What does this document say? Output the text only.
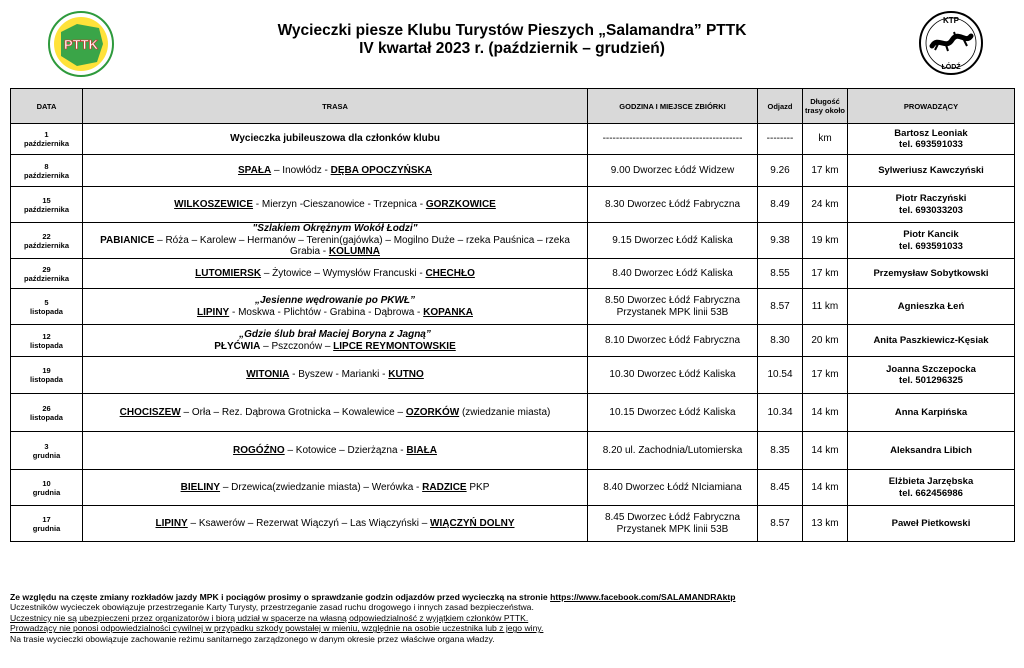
PTTK
Wycieczki piesze Klubu Turystów Pieszych „Salamandra” PTTK
IV kwartał 2023 r. (październik – grudzień)
KTP
ŁÓDŹ
DATA	TRASA	GODZINA I MIEJSCE ZBIÓRKI	Odjazd	Długość trasy około	PROWADZĄCY

1
października	Wycieczka jubileuszowa dla członków klubu	------------------------------------------	--------	km	Bartosz Leoniak
tel. 693591033

8
października	SPAŁA – Inowłódz - DĘBA OPOCZYŃSKA	9.00 Dworzec Łódź Widzew	9.26	17 km	Sylweriusz Kawczyński

15
października	WILKOSZEWICE - Mierzyn -Cieszanowice - Trzepnica - GORZKOWICE	8.30 Dworzec Łódź Fabryczna	8.49	24 km	Piotr Raczyński
tel. 693033203

22
października	"Szlakiem Okrężnym Wokół Łodzi"
PABIANICE – Róża – Karolew – Hermanów – Terenin(gajówka) – Mogilno Duże – rzeka Pauśnica – rzeka Grabia - KOLUMNA	9.15 Dworzec Łódź Kaliska	9.38	19 km	Piotr Kancik
tel. 693591033

29
października	LUTOMIERSK – Żytowice – Wymysłów Francuski - CHECHŁO	8.40 Dworzec Łódź Kaliska	8.55	17 km	Przemysław Sobytkowski

5
listopada	„Jesienne wędrowanie po PKWŁ”
LIPINY - Moskwa - Plichtów - Grabina - Dąbrowa - KOPANKA	8.50 Dworzec Łódź Fabryczna
Przystanek MPK linii 53B	8.57	11 km	Agnieszka Łeń

12
listopada	„Gdzie ślub brał Maciej Boryna z Jagną”
PŁYĆWIA – Pszczonów – LIPCE REYMONTOWSKIE	8.10 Dworzec Łódź Fabryczna	8.30	20 km	Anita Paszkiewicz-Kęsiak

19
listopada	WITONIA - Byszew - Marianki - KUTNO	10.30 Dworzec Łódź Kaliska	10.54	17 km	Joanna Szczepocka
tel. 501296325

26
listopada	CHOCISZEW – Orła – Rez. Dąbrowa Grotnicka – Kowalewice – OZORKÓW (zwiedzanie miasta)	10.15 Dworzec Łódź Kaliska	10.34	14 km	Anna Karpińska

3
grudnia	ROGÓŹNO – Kotowice – Dzierżązna - BIAŁA	8.20 ul. Zachodnia/Lutomierska	8.35	14 km	Aleksandra Libich

10
grudnia	BIELINY – Drzewica(zwiedzanie miasta) – Werówka - RADZICE PKP	8.40 Dworzec Łódź NIciamiana	8.45	14 km	Elżbieta Jarzębska
tel. 662456986

17
grudnia	LIPINY – Ksawerów – Rezerwat Wiączyń – Las Wiączyński – WIĄCZYŃ DOLNY	8.45 Dworzec Łódź Fabryczna
Przystanek MPK linii 53B	8.57	13 km	Paweł Pietkowski
Ze względu na częste zmiany rozkładów jazdy MPK i pociągów prosimy o sprawdzanie godzin odjazdów przed wycieczką na stronie https://www.facebook.com/SALAMANDRAktp
Uczestników wycieczek obowiązuje przestrzeganie Karty Turysty, przestrzeganie zasad ruchu drogowego i innych zasad bezpieczeństwa.
Uczestnicy nie są ubezpieczeni przez organizatorów i biorą udział w spacerze na własną odpowiedzialność z wyjątkiem członków PTTK.
Prowadzący nie ponosi odpowiedzialności cywilnej w przypadku szkody powstałej w mieniu, względnie na osobie uczestnika lub z jego winy.
Na trasie wycieczki obowiązuje zachowanie reżimu sanitarnego zarządzonego w danym okresie przez właściwe organa władzy.
